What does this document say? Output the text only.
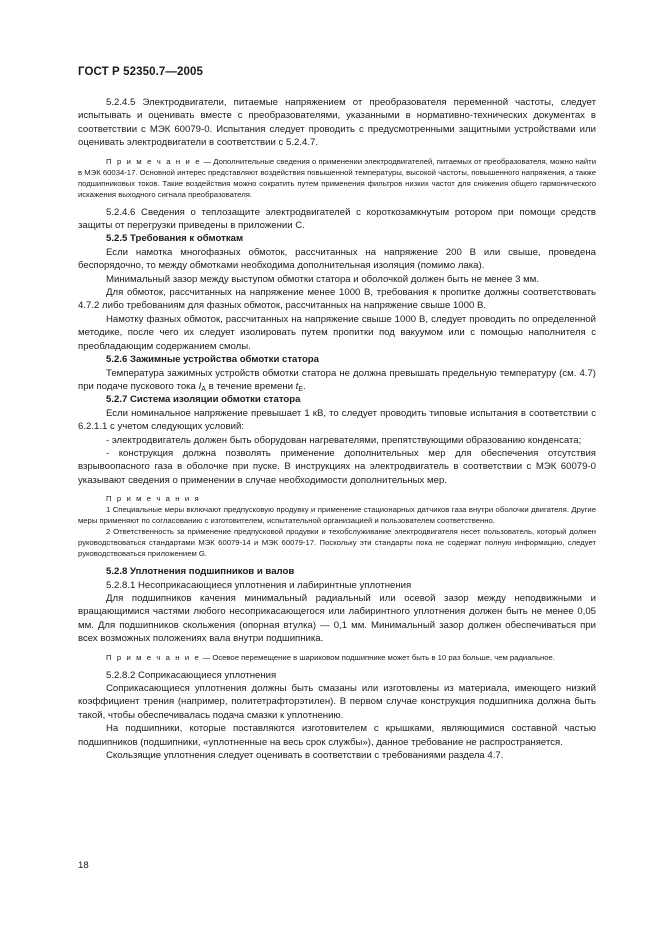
ГОСТ Р 52350.7—2005

5.2.4.5 Электродвигатели, питаемые напряжением от преобразователя переменной частоты, следует испытывать и оценивать вместе с преобразователями, указанными в нормативно-технических документах в соответствии с МЭК 60079-0. Испытания следует проводить с предусмотренными защитными устройствами или оценивать электродвигатели в соответствии с 5.2.4.7.

П р и м е ч а н и е — Дополнительные сведения о применении электродвигателей, питаемых от преобразователя, можно найти в МЭК 60034-17. Основной интерес представляют воздействия повышенной температуры, высокой частоты, повышенного напряжения, а также подшипниковых токов. Такие воздействия можно сократить путем применения фильтров низких частот для снижения общего гармонического искажения выходного сигнала преобразователя.

5.2.4.6 Сведения о теплозащите электродвигателей с короткозамкнутым ротором при помощи средств защиты от перегрузки приведены в приложении С.

5.2.5 Требования к обмоткам

Если намотка многофазных обмоток, рассчитанных на напряжение 200 В или свыше, проведена беспорядочно, то между обмотками необходима дополнительная изоляция (помимо лака).

Минимальный зазор между выступом обмотки статора и оболочкой должен быть не менее 3 мм.

Для обмоток, рассчитанных на напряжение менее 1000 В, требования к пропитке должны соответствовать 4.7.2 либо требованиям для фазных обмоток, рассчитанных на напряжение свыше 1000 В.

Намотку фазных обмоток, рассчитанных на напряжение свыше 1000 В, следует проводить по определенной методике, после чего их следует изолировать путем пропитки под вакуумом или с помощью наполнителя с преобладающим содержанием смолы.

5.2.6 Зажимные устройства обмотки статора

Температура зажимных устройств обмотки статора не должна превышать предельную температуру (см. 4.7) при подаче пускового тока $I_A$ в течение времени $t_E$.

5.2.7 Система изоляции обмотки статора

Если номинальное напряжение превышает 1 кВ, то следует проводить типовые испытания в соответствии с 6.2.1.1 с учетом следующих условий:

- электродвигатель должен быть оборудован нагревателями, препятствующими образованию конденсата;

- конструкция должна позволять применение дополнительных мер для обеспечения отсутствия взрывоопасного газа в оболочке при пуске. В инструкциях на электродвигатель в соответствии с МЭК 60079-0 указывают сведения о применении в случае необходимости дополнительных мер.

П р и м е ч а н и я

1 Специальные меры включают предпусковую продувку и применение стационарных датчиков газа внутри оболочки двигателя. Другие меры применяют по согласованию с изготовителем, испытательной организацией и пользователем соответственно.

2 Ответственность за применение предпусковой продувки и техобслуживание электродвигателя несет пользователь, который должен руководствоваться стандартами МЭК 60079-14 и МЭК 60079-17. Поскольку эти стандарты пока не содержат полную информацию, следует руководствоваться приложением G.

5.2.8 Уплотнения подшипников и валов

5.2.8.1 Несоприкасающиеся уплотнения и лабиринтные уплотнения

Для подшипников качения минимальный радиальный или осевой зазор между неподвижными и вращающимися частями любого несоприкасающегося или лабиринтного уплотнения должен быть не менее 0,05 мм. Для подшипников скольжения (опорная втулка) — 0,1 мм. Минимальный зазор должен обеспечиваться при всех возможных положениях вала внутри подшипника.

П р и м е ч а н и е — Осевое перемещение в шариковом подшипнике может быть в 10 раз больше, чем радиальное.

5.2.8.2 Соприкасающиеся уплотнения

Соприкасающиеся уплотнения должны быть смазаны или изготовлены из материала, имеющего низкий коэффициент трения (например, политетрафторэтилен). В первом случае конструкция подшипника должна быть такой, чтобы обеспечивалась подача смазки к уплотнению.

На подшипники, которые поставляются изготовителем с крышками, являющимися составной частью подшипников (подшипники, «уплотненные на весь срок службы»), данное требование не распространяется.

Скользящие уплотнения следует оценивать в соответствии с требованиями раздела 4.7.

18
